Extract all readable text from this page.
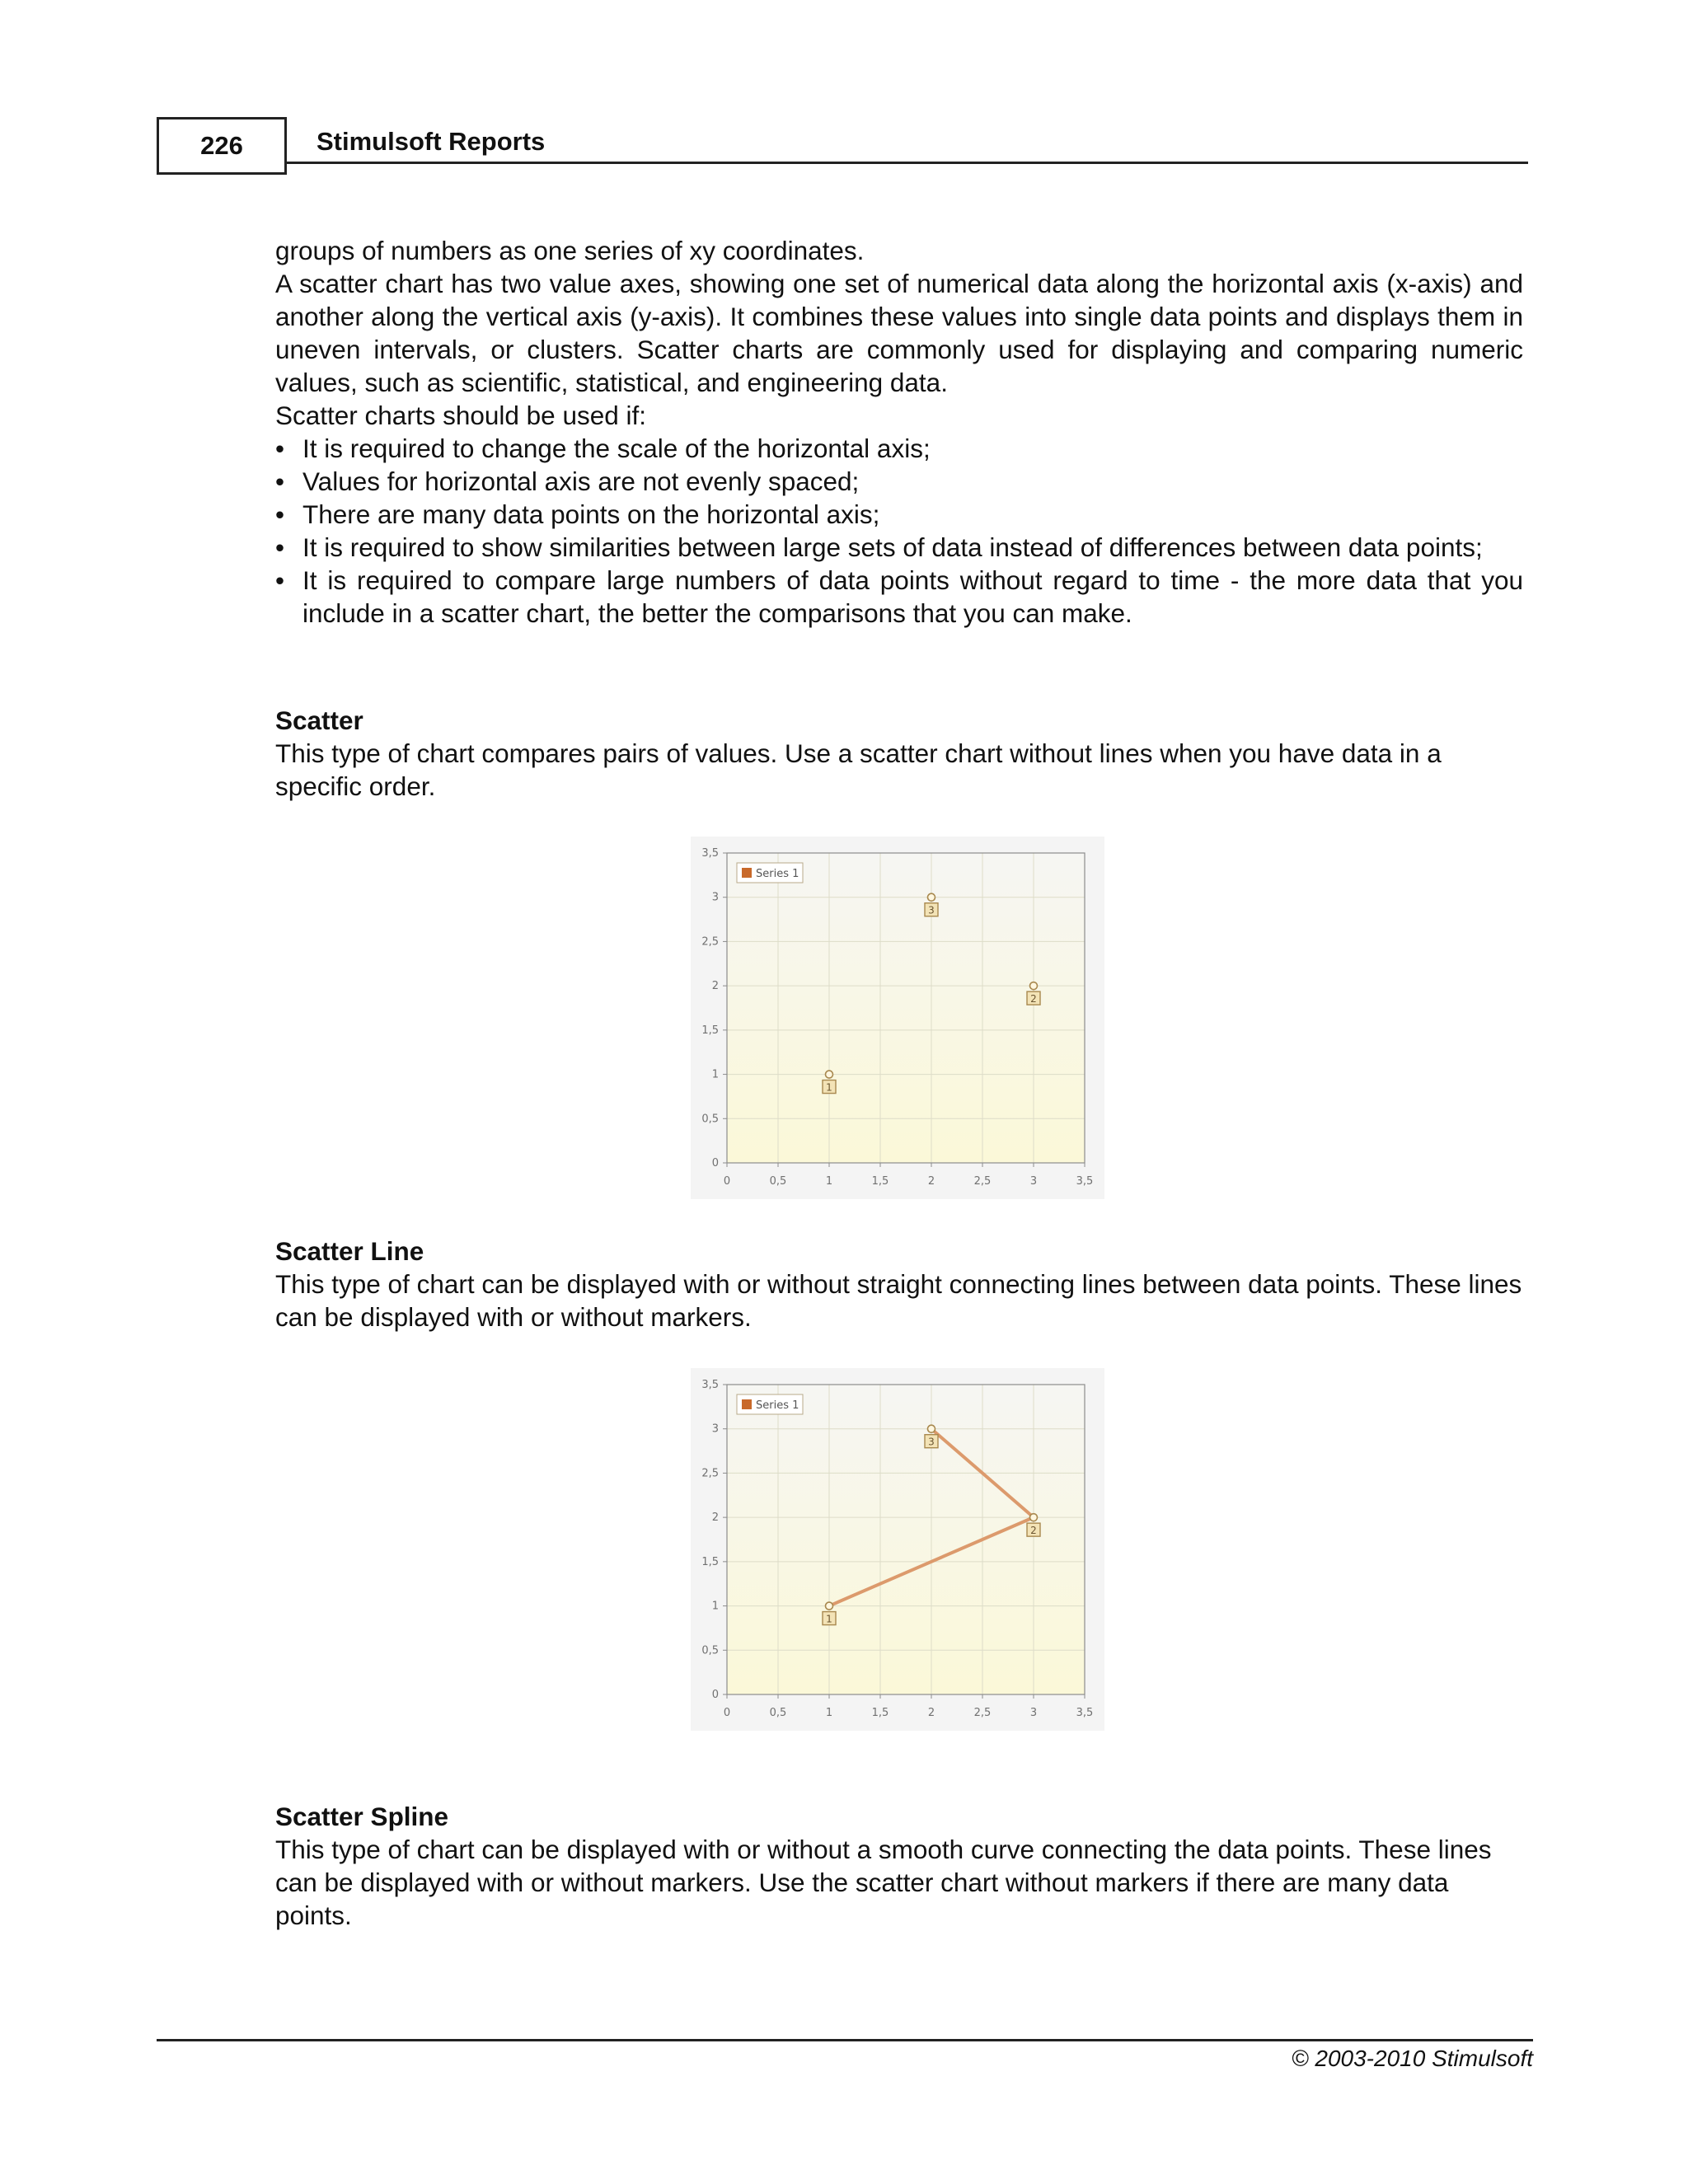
226	Stimulsoft Reports

groups of numbers as one series of xy coordinates.

A scatter chart has two value axes, showing one set of numerical data along the horizontal axis (x-axis) and another along the vertical axis (y-axis). It combines these values into single data points and displays them in uneven intervals, or clusters. Scatter charts are commonly used for displaying and comparing numeric values, such as scientific, statistical, and engineering data.

Scatter charts should be used if:

• It is required to change the scale of the horizontal axis;
• Values for horizontal axis are not evenly spaced;
• There are many data points on the horizontal axis;
• It is required to show similarities between large sets of data instead of differences between data points;
• It is required to compare large numbers of data points without regard to time - the more data that you include in a scatter chart, the better the comparisons that you can make.

Scatter

This type of chart compares pairs of values. Use a scatter chart without lines when you have data in a specific order.

0	0,5	1	1,5	2	2,5	3	3,5
0
0,5
1
1,5
2
2,5
3
3,5
Series 1
1
2
3

Scatter Line

This type of chart can be displayed with or without straight connecting lines between data points. These lines can be displayed with or without markers.

0	0,5	1	1,5	2	2,5	3	3,5
0
0,5
1
1,5
2
2,5
3
3,5
Series 1
1
2
3

Scatter Spline

This type of chart can be displayed with or without a smooth curve connecting the data points. These lines can be displayed with or without markers. Use the scatter chart without markers if there are many data points.

© 2003-2010 Stimulsoft
